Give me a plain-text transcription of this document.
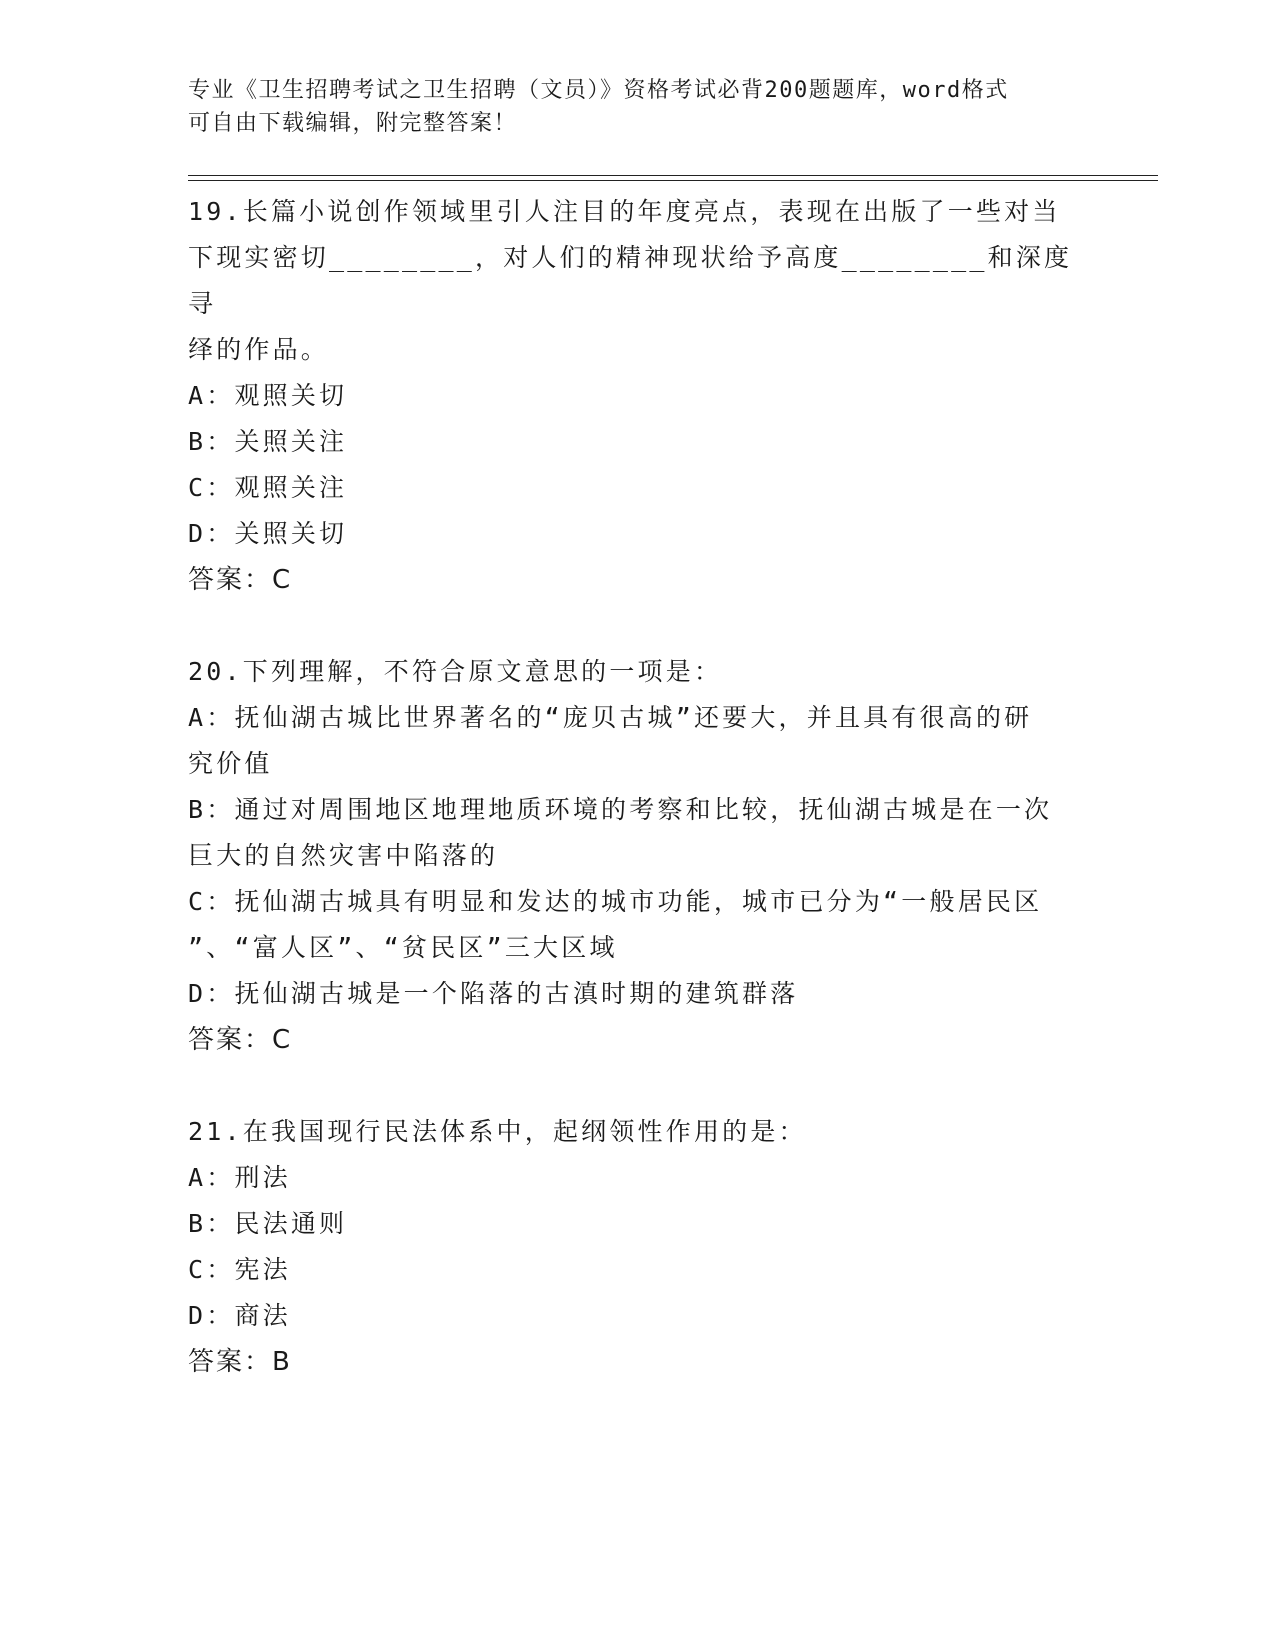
专业《卫生招聘考试之卫生招聘（文员）》资格考试必背200题题库，word格式
可自由下载编辑，附完整答案！
19.长篇小说创作领域里引人注目的年度亮点，表现在出版了一些对当
下现实密切________，对人们的精神现状给予高度________和深度寻
绎的作品。
A：观照关切
B：关照关注
C：观照关注
D：关照关切
答案：C
20.下列理解，不符合原文意思的一项是：
A：抚仙湖古城比世界著名的“庞贝古城”还要大，并且具有很高的研
究价值
B：通过对周围地区地理地质环境的考察和比较，抚仙湖古城是在一次
巨大的自然灾害中陷落的
C：抚仙湖古城具有明显和发达的城市功能，城市已分为“一般居民区
”、“富人区”、“贫民区”三大区域
D：抚仙湖古城是一个陷落的古滇时期的建筑群落
答案：C
21.在我国现行民法体系中，起纲领性作用的是：
A：刑法
B：民法通则
C：宪法
D：商法
答案：B
